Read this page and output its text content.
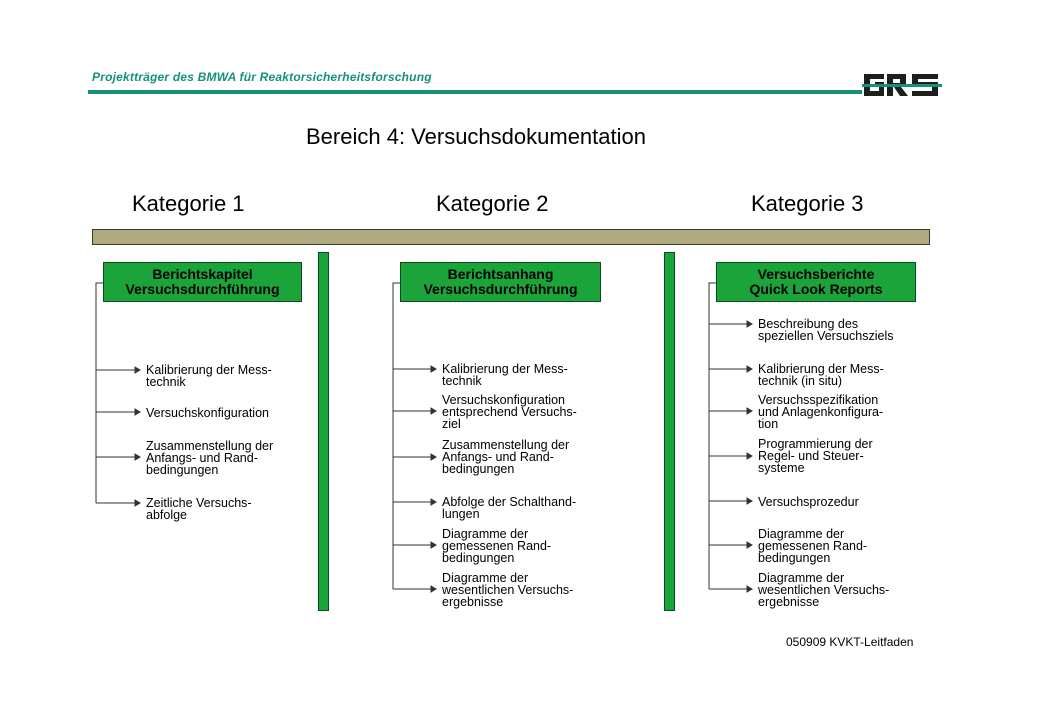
Projektträger des BMWA für Reaktorsicherheitsforschung
Bereich 4: Versuchsdokumentation
Kategorie 1	Kategorie 2	Kategorie 3
Berichtskapitel
Versuchsdurchführung
Kalibrierung der Mess-
technik
Versuchskonfiguration
Zusammenstellung der
Anfangs- und Rand-
bedingungen
Zeitliche Versuchs-
abfolge
Berichtsanhang
Versuchsdurchführung
Kalibrierung der Mess-
technik
Versuchskonfiguration
entsprechend Versuchs-
ziel
Zusammenstellung der
Anfangs- und Rand-
bedingungen
Abfolge der Schalthand-
lungen
Diagramme der
gemessenen Rand-
bedingungen
Diagramme der
wesentlichen Versuchs-
ergebnisse
Versuchsberichte
Quick Look Reports
Beschreibung des
speziellen Versuchsziels
Kalibrierung der Mess-
technik (in situ)
Versuchsspezifikation
und Anlagenkonfigura-
tion
Programmierung der
Regel- und Steuer-
systeme
Versuchsprozedur
Diagramme der
gemessenen Rand-
bedingungen
Diagramme der
wesentlichen Versuchs-
ergebnisse
050909 KVKT-Leitfaden
